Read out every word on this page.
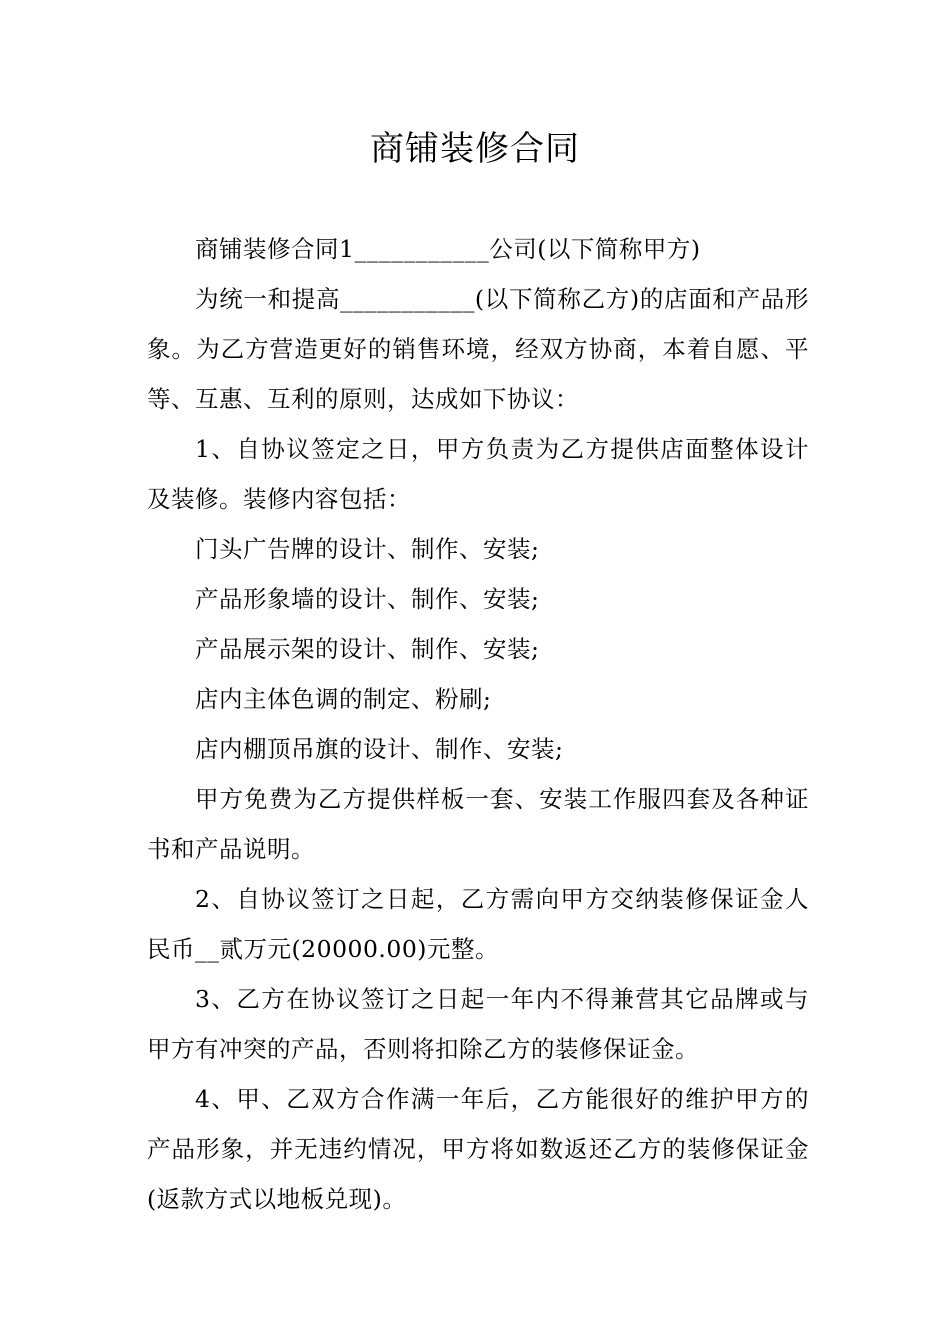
商铺装修合同

商铺装修合同1___________公司(以下简称甲方)

为统一和提高___________(以下简称乙方)的店面和产品形象。为乙方营造更好的销售环境，经双方协商，本着自愿、平等、互惠、互利的原则，达成如下协议：

1、自协议签定之日，甲方负责为乙方提供店面整体设计及装修。装修内容包括：

门头广告牌的设计、制作、安装;

产品形象墙的设计、制作、安装;

产品展示架的设计、制作、安装;

店内主体色调的制定、粉刷;

店内棚顶吊旗的设计、制作、安装;

甲方免费为乙方提供样板一套、安装工作服四套及各种证书和产品说明。

2、自协议签订之日起，乙方需向甲方交纳装修保证金人民币__贰万元(20000.00)元整。

3、乙方在协议签订之日起一年内不得兼营其它品牌或与甲方有冲突的产品，否则将扣除乙方的装修保证金。

4、甲、乙双方合作满一年后，乙方能很好的维护甲方的产品形象，并无违约情况，甲方将如数返还乙方的装修保证金(返款方式以地板兑现)。
